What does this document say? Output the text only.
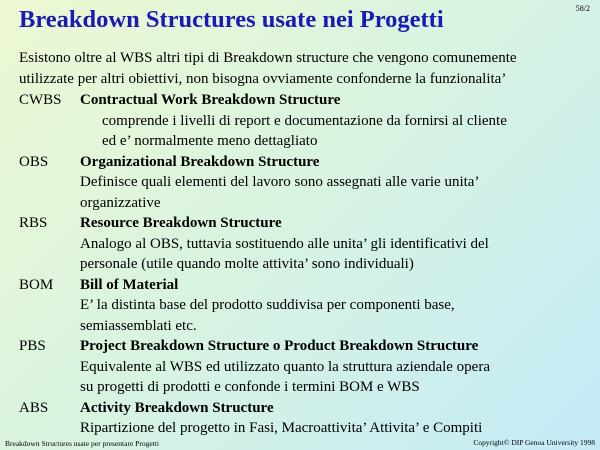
Breakdown Structures usate nei Progetti	58/2
Esistono oltre al WBS altri tipi di Breakdown structure che vengono comunemente
utilizzate per altri obiettivi, non bisogna ovviamente confonderne la funzionalita’
CWBS	Contractual Work Breakdown Structure
comprende i livelli di report e documentazione da fornirsi al cliente
ed e’ normalmente meno dettagliato
OBS	Organizational Breakdown Structure
Definisce quali elementi del lavoro sono assegnati alle varie unita’
organizzative
RBS	Resource Breakdown Structure
Analogo al OBS, tuttavia sostituendo alle unita’ gli identificativi del
personale (utile quando molte attivita’ sono individuali)
BOM	Bill of Material
E’ la distinta base del prodotto suddivisa per componenti base,
semiassemblati etc.
PBS	Project Breakdown Structure o Product Breakdown Structure
Equivalente al WBS ed utilizzato quanto la struttura aziendale opera
su progetti di prodotti e confonde i termini BOM e WBS
ABS	Activity Breakdown Structure
Ripartizione del progetto in Fasi, Macroattivita’ Attivita’ e Compiti
Breakdown Structures usate per presentare Progetti	Copyright© DIP Genoa University 1998
